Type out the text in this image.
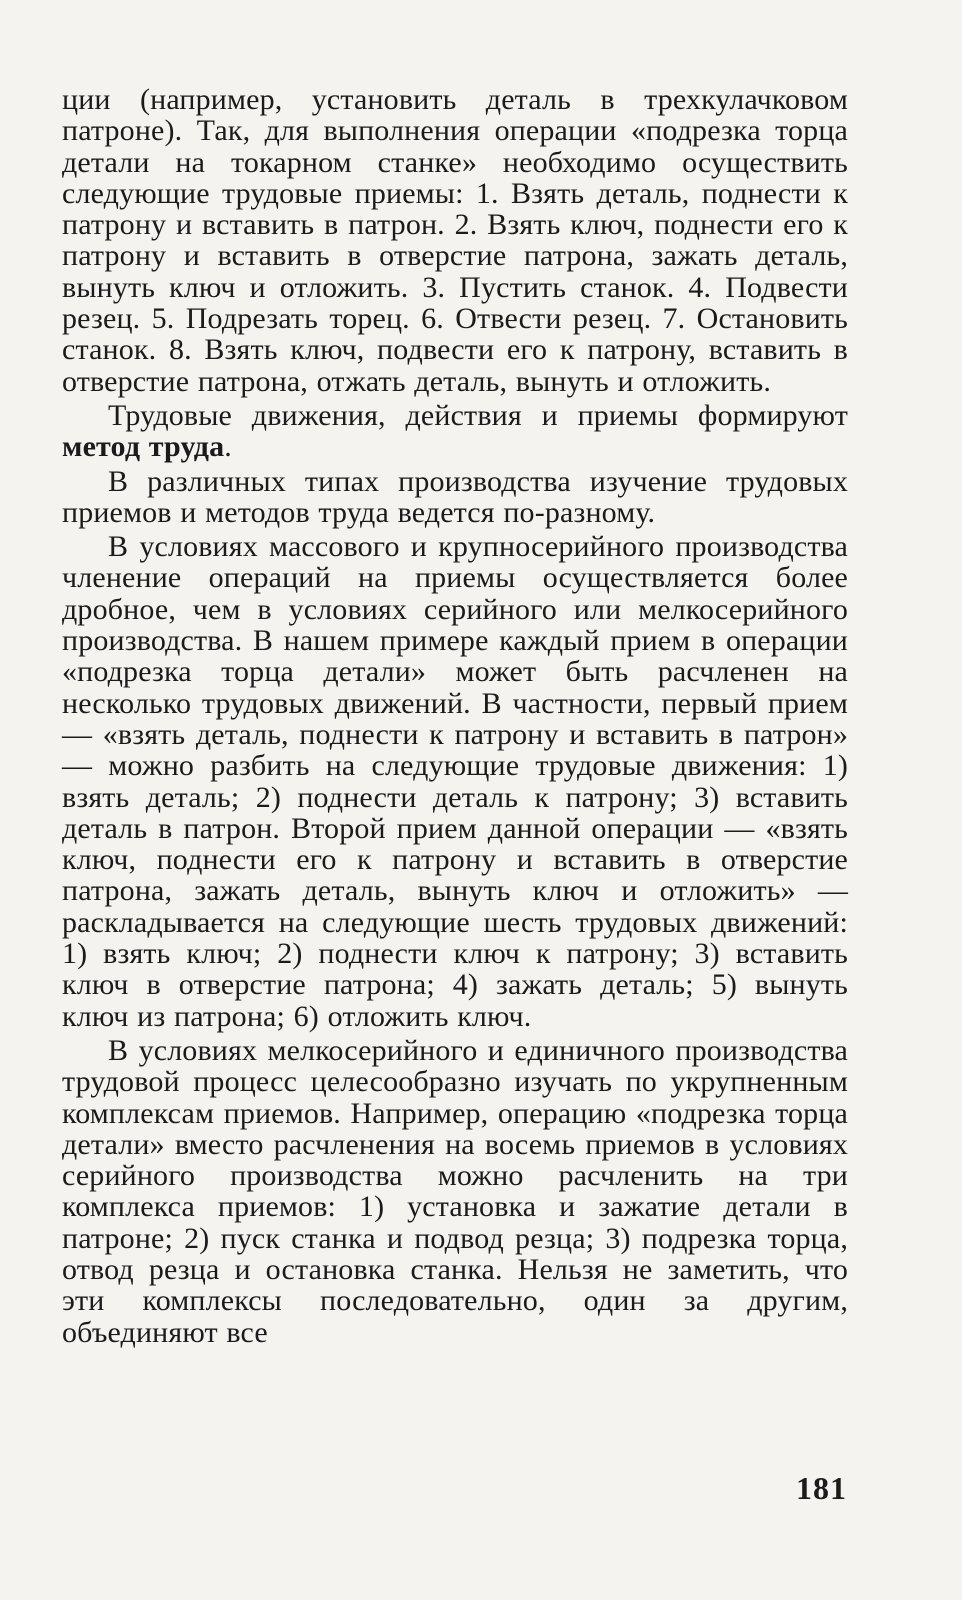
ции (например, установить деталь в трехкулачковом патроне). Так, для выполнения операции «подрезка торца детали на токарном станке» необходимо осуществить следующие трудовые приемы: 1. Взять деталь, поднести к патрону и вставить в патрон. 2. Взять ключ, поднести его к патрону и вставить в отверстие патрона, зажать деталь, вынуть ключ и отложить. 3. Пустить станок. 4. Подвести резец. 5. Подрезать торец. 6. Отвести резец. 7. Остановить станок. 8. Взять ключ, подвести его к патрону, вставить в отверстие патрона, отжать деталь, вынуть и отложить.

Трудовые движения, действия и приемы формируют метод труда.

В различных типах производства изучение трудовых приемов и методов труда ведется по-разному.

В условиях массового и крупносерийного производства членение операций на приемы осуществляется более дробное, чем в условиях серийного или мелкосерийного производства. В нашем примере каждый прием в операции «подрезка торца детали» может быть расчленен на несколько трудовых движений. В частности, первый прием — «взять деталь, поднести к патрону и вставить в патрон» — можно разбить на следующие трудовые движения: 1) взять деталь; 2) поднести деталь к патрону; 3) вставить деталь в патрон. Второй прием данной операции — «взять ключ, поднести его к патрону и вставить в отверстие патрона, зажать деталь, вынуть ключ и отложить» — раскладывается на следующие шесть трудовых движений: 1) взять ключ; 2) поднести ключ к патрону; 3) вставить ключ в отверстие патрона; 4) зажать деталь; 5) вынуть ключ из патрона; 6) отложить ключ.

В условиях мелкосерийного и единичного производства трудовой процесс целесообразно изучать по укрупненным комплексам приемов. Например, операцию «подрезка торца детали» вместо расчленения на восемь приемов в условиях серийного производства можно расчленить на три комплекса приемов: 1) установка и зажатие детали в патроне; 2) пуск станка и подвод резца; 3) подрезка торца, отвод резца и остановка станка. Нельзя не заметить, что эти комплексы последовательно, один за другим, объединяют все

181
